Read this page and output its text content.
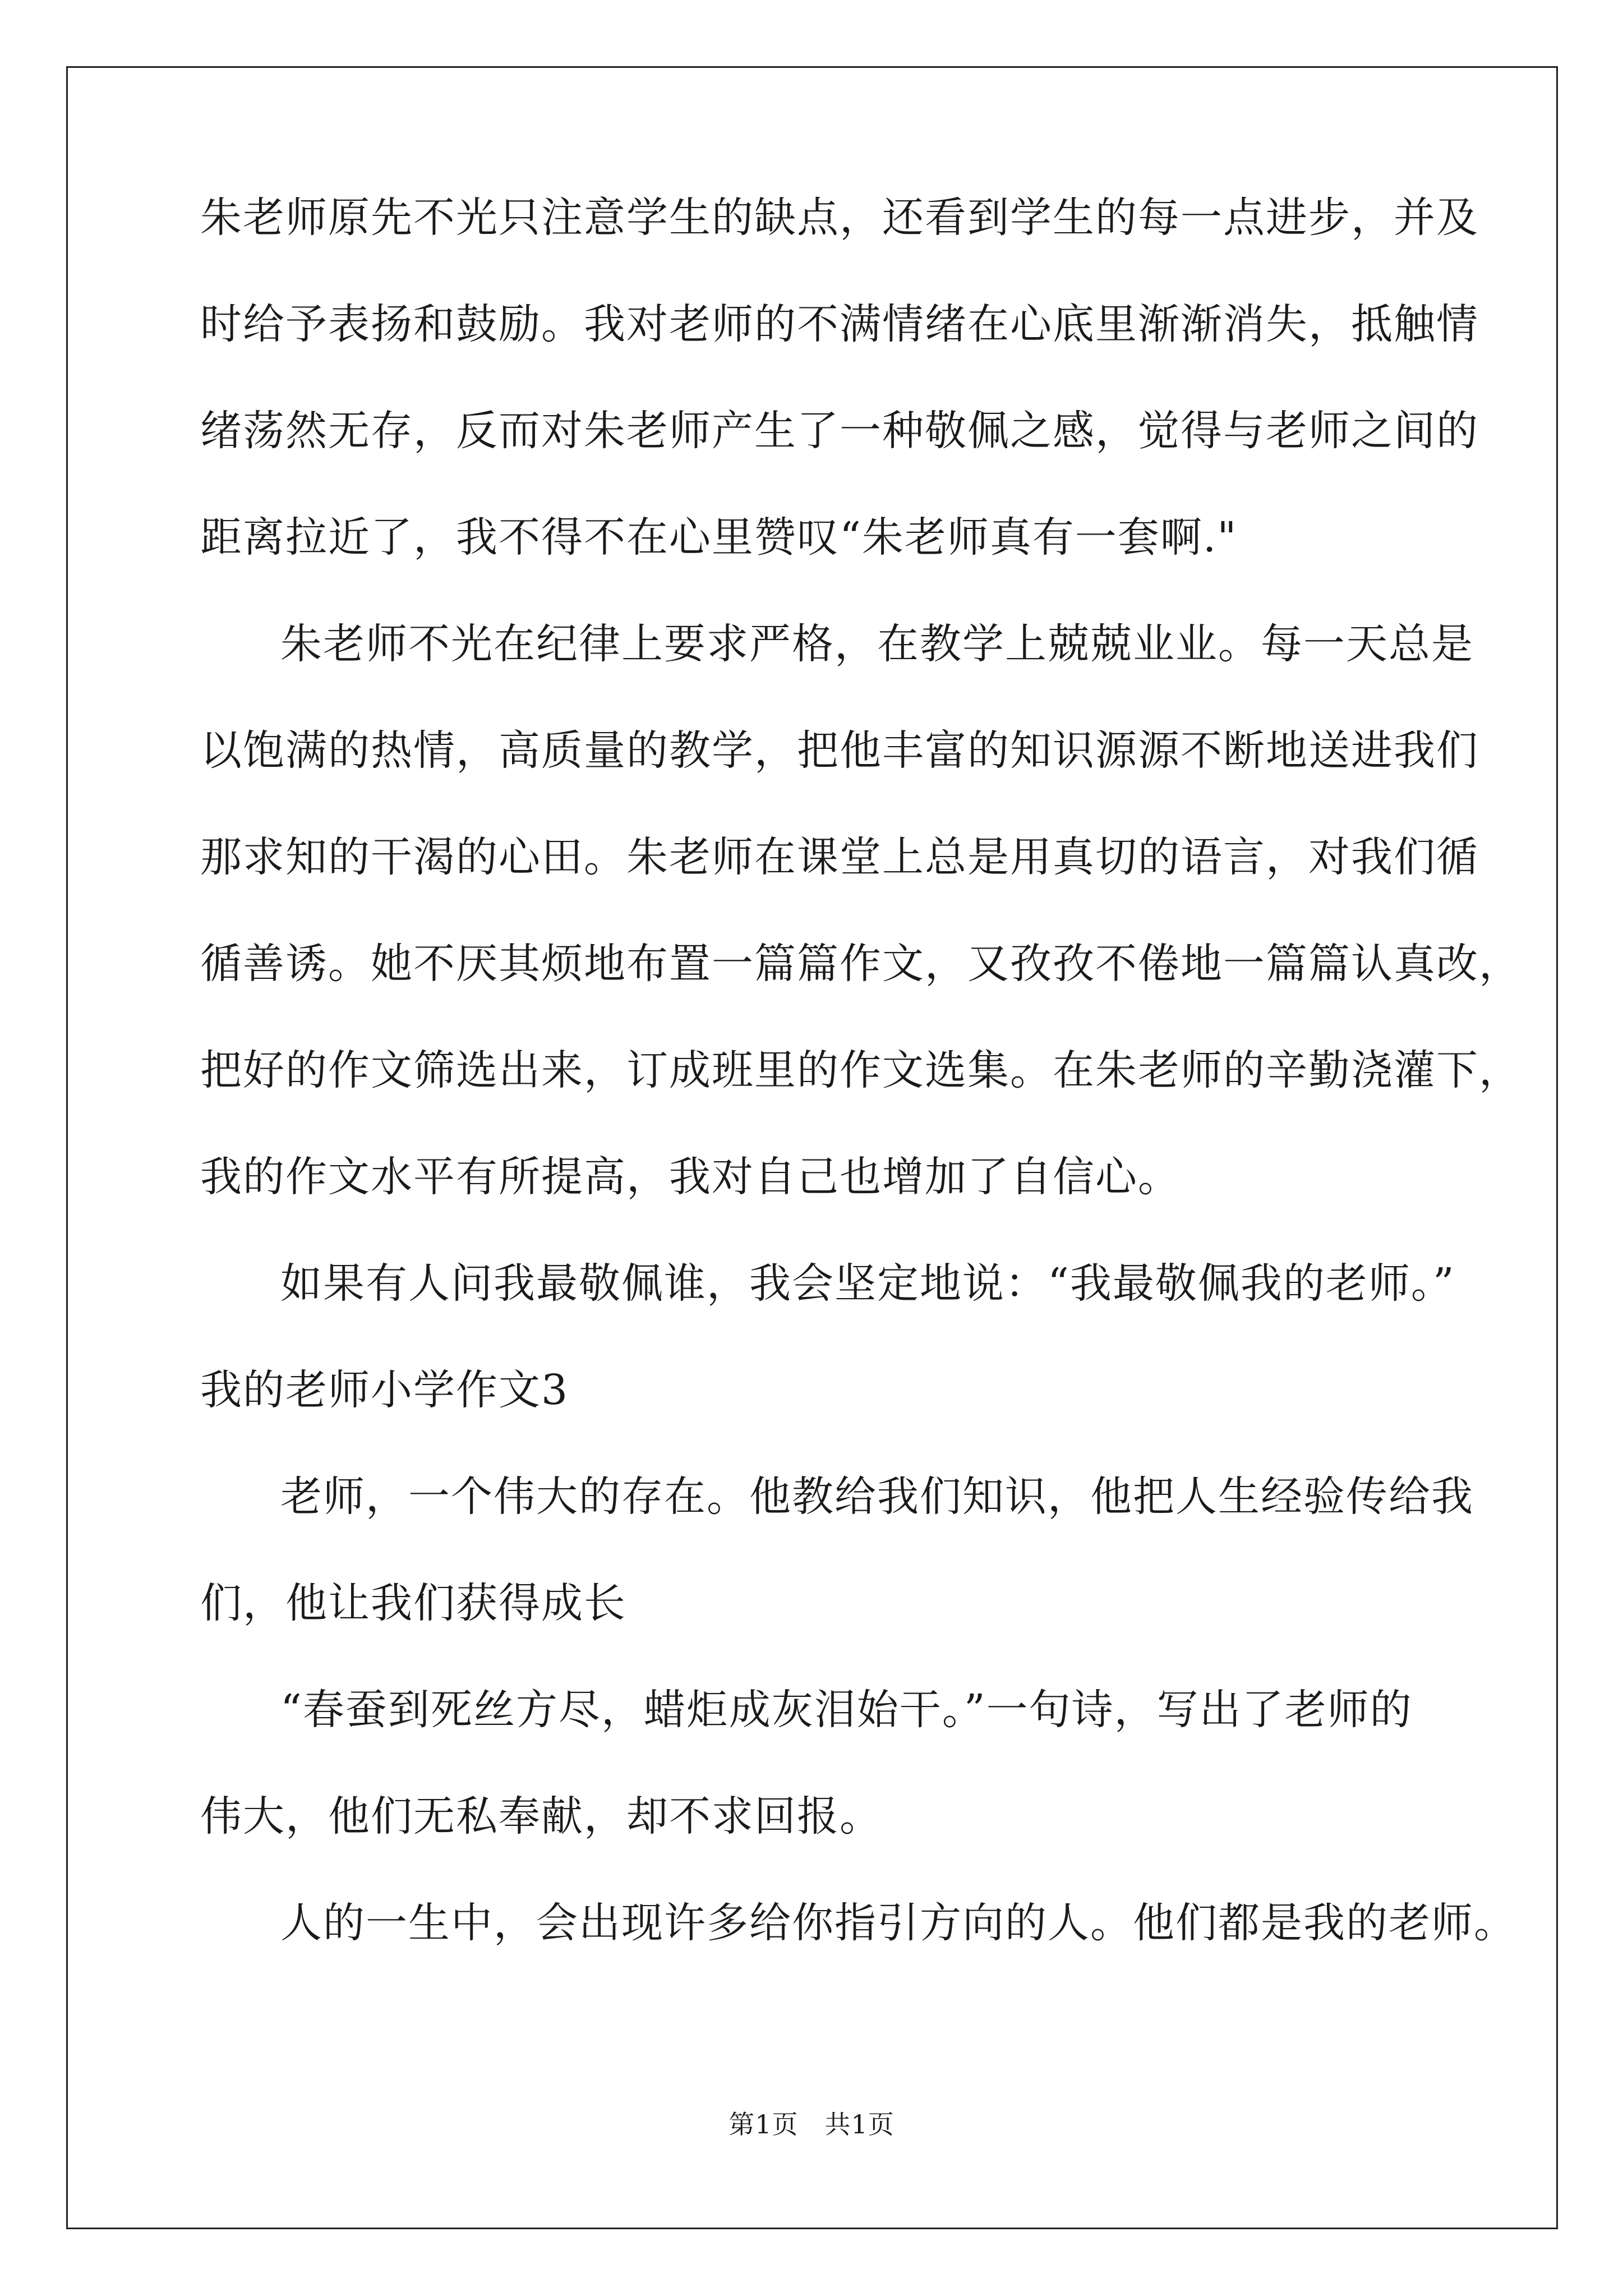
朱老师原先不光只注意学生的缺点，还看到学生的每一点进步，并及
时给予表扬和鼓励。我对老师的不满情绪在心底里渐渐消失，抵触情
绪荡然无存，反而对朱老师产生了一种敬佩之感，觉得与老师之间的
距离拉近了，我不得不在心里赞叹“朱老师真有一套啊."
朱老师不光在纪律上要求严格，在教学上兢兢业业。每一天总是
以饱满的热情，高质量的教学，把他丰富的知识源源不断地送进我们
那求知的干渴的心田。朱老师在课堂上总是用真切的语言，对我们循
循善诱。她不厌其烦地布置一篇篇作文，又孜孜不倦地一篇篇认真改，
把好的作文筛选出来，订成班里的作文选集。在朱老师的辛勤浇灌下，
我的作文水平有所提高，我对自己也增加了自信心。
如果有人问我最敬佩谁，我会坚定地说：“我最敬佩我的老师。”
我的老师小学作文3
老师，一个伟大的存在。他教给我们知识，他把人生经验传给我
们，他让我们获得成长
“春蚕到死丝方尽，蜡炬成灰泪始干。”一句诗，写出了老师的
伟大，他们无私奉献，却不求回报。
人的一生中，会出现许多给你指引方向的人。他们都是我的老师。
第1页　共1页
